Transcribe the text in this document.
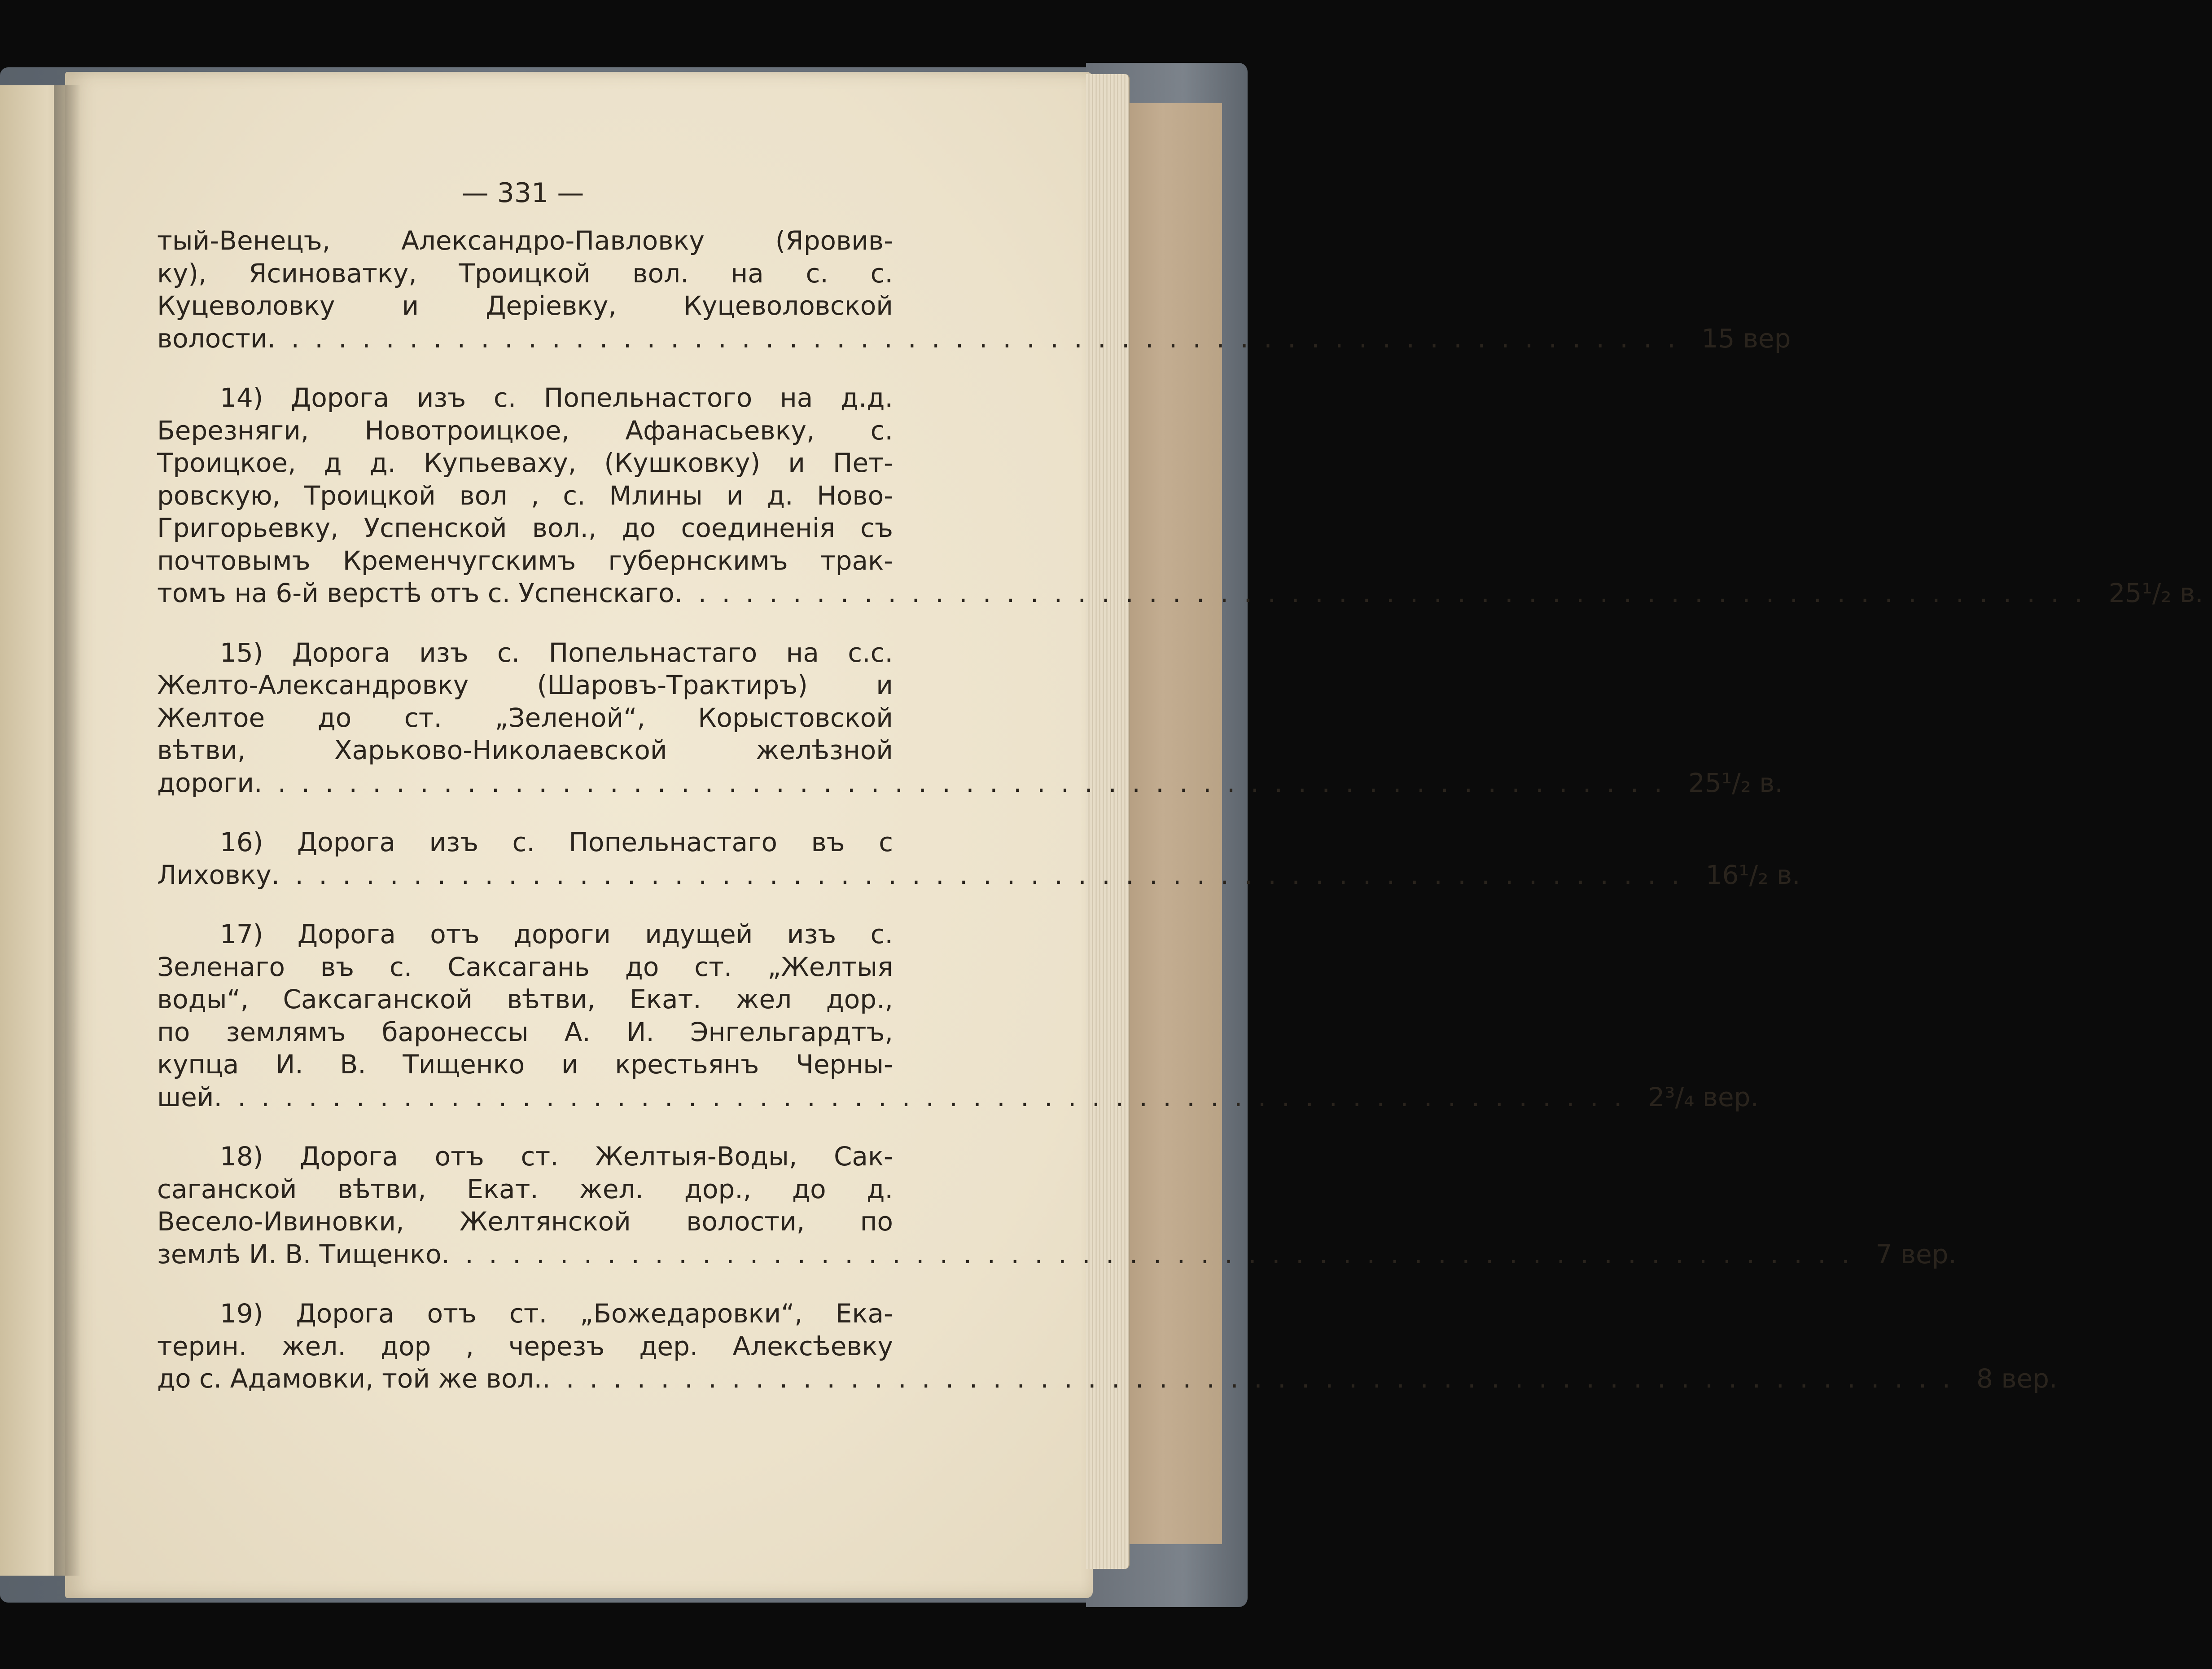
— 331 —
тый-Венецъ,	Александро-Павловку	(Яровив-
ку), Ясиноватку, Троицкой вол. на с. с.
Куцеволовку	и	Деріевку,	Куцеволовской
волости . . . . . . . . . . . . . . . . . . . . . . . . . . . . . . . . . . . . . . . . . . . . . . . . . . . . . . . . . . . . 15 вер
14) Дорога изъ с. Попельнастого на д.д.
Березняги, Новотроицкое, Афанасьевку, с.
Троицкое, д д. Купьеваху, (Кушковку) и Пет-
ровскую, Троицкой вол , с. Млины и д. Ново-
Григорьевку, Успенской вол., до соединенія съ
почтовымъ Кременчугскимъ губернскимъ трак-
томъ на 6-й верстѣ отъ с. Успенскаго . . . . . . . . . . . . . . . . . . . . . . . . . . . . . . . . . . . . . . . . . . . . . . . . . . . . . . . . . . . . 25¹/₂ в.
15) Дорога изъ с. Попельнастаго на с.с.
Желто-Александровку	(Шаровъ-Трактиръ)	и
Желтое до ст. „Зеленой“, Корыстовской
вѣтви,	Харьково-Николаевской	желѣзной
дороги . . . . . . . . . . . . . . . . . . . . . . . . . . . . . . . . . . . . . . . . . . . . . . . . . . . . . . . . . . . . 25¹/₂ в.
16) Дорога изъ с. Попельнастаго въ с
Лиховку . . . . . . . . . . . . . . . . . . . . . . . . . . . . . . . . . . . . . . . . . . . . . . . . . . . . . . . . . . . . 16¹/₂ в.
17) Дорога отъ дороги идущей изъ с.
Зеленаго въ с. Саксагань до ст. „Желтыя
воды“, Саксаганской вѣтви, Екат. жел дор.,
по землямъ баронессы А. И. Энгельгардтъ,
купца И. В. Тищенко и крестьянъ Черны-
шей . . . . . . . . . . . . . . . . . . . . . . . . . . . . . . . . . . . . . . . . . . . . . . . . . . . . . . . . . . . . 2³/₄ вер.
18) Дорога отъ ст. Желтыя-Воды, Сак-
саганской вѣтви, Екат. жел. дор., до д.
Весело-Ивиновки, Желтянской волости, по
землѣ И. В. Тищенко . . . . . . . . . . . . . . . . . . . . . . . . . . . . . . . . . . . . . . . . . . . . . . . . . . . . . . . . . . . . 7 вер.
19) Дорога отъ ст. „Божедаровки“, Ека-
терин. жел. дор , черезъ дер. Алексѣевку
до с. Адамовки, той же вол. . . . . . . . . . . . . . . . . . . . . . . . . . . . . . . . . . . . . . . . . . . . . . . . . . . . . . . . . . . . . 8 вер.
